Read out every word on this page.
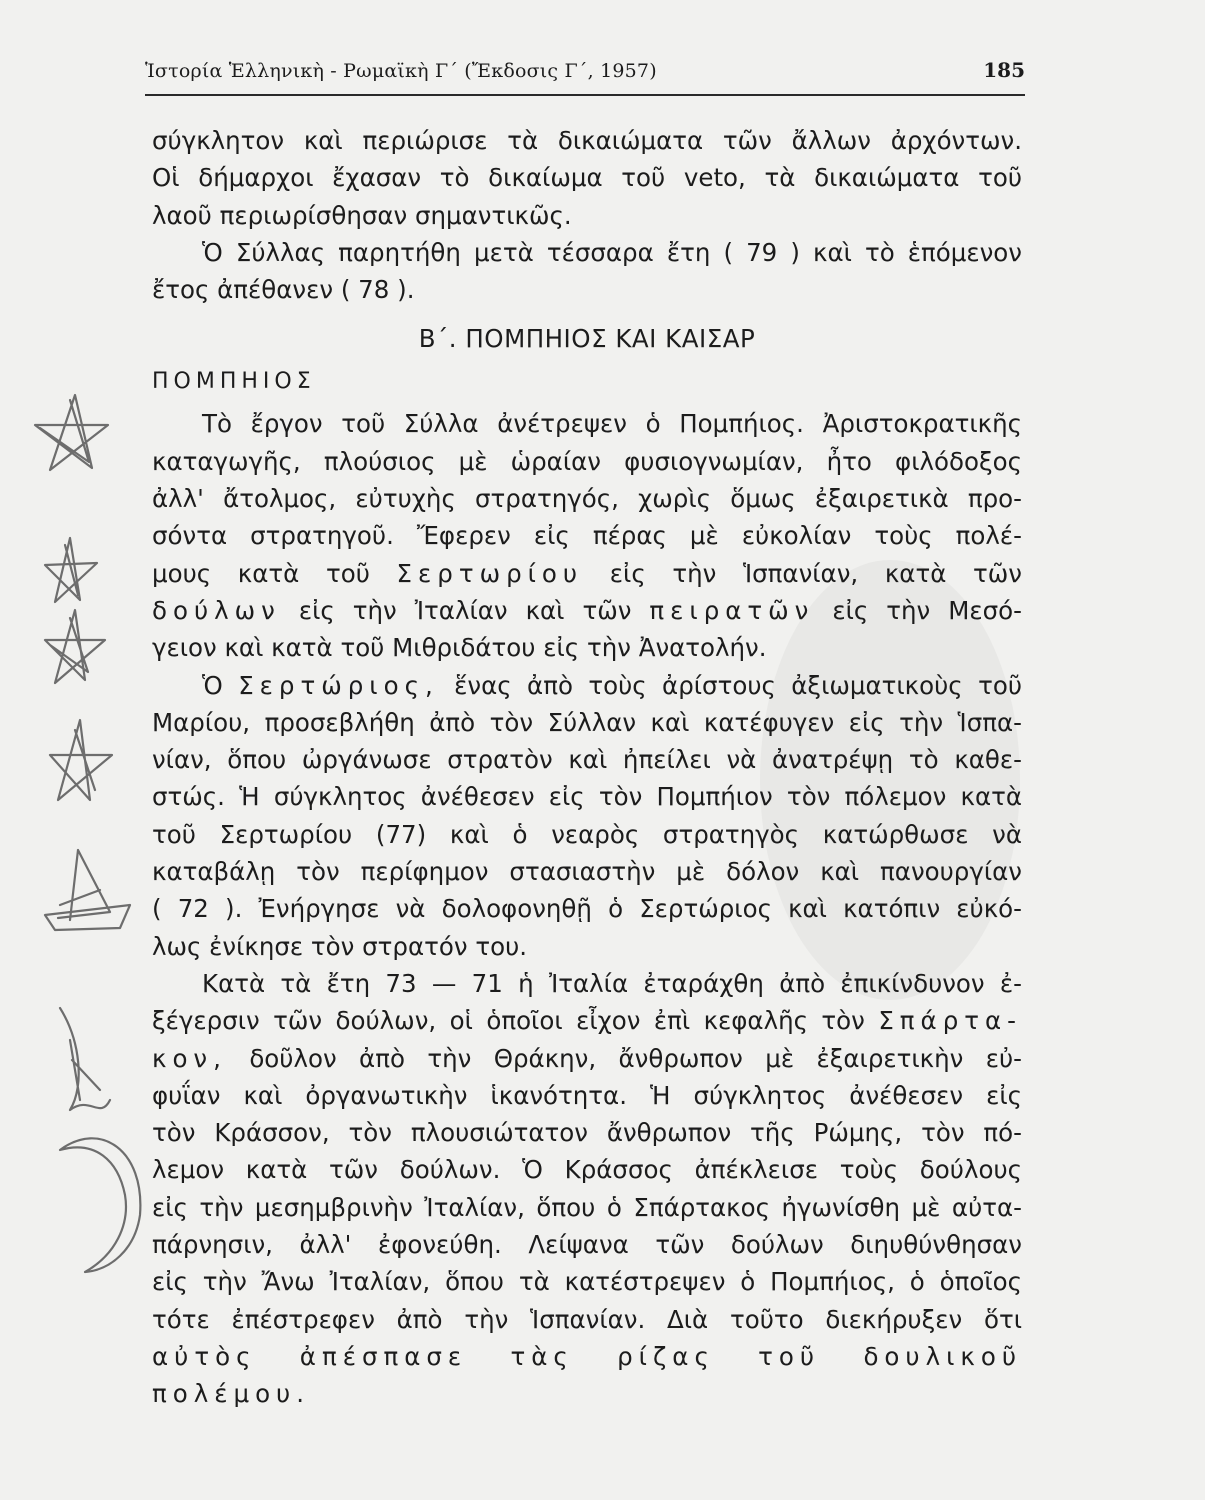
Ἱστορία Ἑλληνικὴ - Ρωμαϊκὴ Γ΄ (Ἔκδοσις Γ΄, 1957)	185
σύγκλητον καὶ περιώρισε τὰ δικαιώματα τῶν ἄλλων ἀρχόντων.
Οἱ δήμαρχοι ἔχασαν τὸ δικαίωμα τοῦ veto, τὰ δικαιώματα τοῦ
λαοῦ περιωρίσθησαν σημαντικῶς.
Ὁ Σύλλας παρητήθη μετὰ τέσσαρα ἔτη ( 79 ) καὶ τὸ ἑπόμενον
ἔτος ἀπέθανεν ( 78 ).
Β΄. ΠΟΜΠΗΙΟΣ ΚΑΙ ΚΑΙΣΑΡ
ΠΟΜΠΗΙΟΣ
Τὸ ἔργον τοῦ Σύλλα ἀνέτρεψεν ὁ Πομπήιος. Ἀριστοκρατικῆς
καταγωγῆς, πλούσιος μὲ ὡραίαν φυσιογνωμίαν, ἦτο φιλόδοξος
ἀλλ' ἄτολμος, εὐτυχὴς στρατηγός, χωρὶς ὅμως ἐξαιρετικὰ προ-
σόντα στρατηγοῦ. Ἔφερεν εἰς πέρας μὲ εὐκολίαν τοὺς πολέ-
μους κατὰ τοῦ Σερτωρίου εἰς τὴν Ἱσπανίαν, κατὰ τῶν
δούλων εἰς τὴν Ἰταλίαν καὶ τῶν πειρατῶν εἰς τὴν Μεσό-
γειον καὶ κατὰ τοῦ Μιθριδάτου εἰς τὴν Ἀνατολήν.
Ὁ Σερτώριος, ἕνας ἀπὸ τοὺς ἀρίστους ἀξιωματικοὺς τοῦ
Μαρίου, προσεβλήθη ἀπὸ τὸν Σύλλαν καὶ κατέφυγεν εἰς τὴν Ἱσπα-
νίαν, ὅπου ὠργάνωσε στρατὸν καὶ ἠπείλει νὰ ἀνατρέψῃ τὸ καθε-
στώς. Ἡ σύγκλητος ἀνέθεσεν εἰς τὸν Πομπήιον τὸν πόλεμον κατὰ
τοῦ Σερτωρίου (77) καὶ ὁ νεαρὸς στρατηγὸς κατώρθωσε νὰ
καταβάλῃ τὸν περίφημον στασιαστὴν μὲ δόλον καὶ πανουργίαν
( 72 ). Ἐνήργησε νὰ δολοφονηθῇ ὁ Σερτώριος καὶ κατόπιν εὐκό-
λως ἐνίκησε τὸν στρατόν του.
Κατὰ τὰ ἔτη 73 — 71 ἡ Ἰταλία ἐταράχθη ἀπὸ ἐπικίνδυνον ἐ-
ξέγερσιν τῶν δούλων, οἱ ὁποῖοι εἶχον ἐπὶ κεφαλῆς τὸν Σπάρτα-
κον, δοῦλον ἀπὸ τὴν Θράκην, ἄνθρωπον μὲ ἐξαιρετικὴν εὐ-
φυΐαν καὶ ὀργανωτικὴν ἱκανότητα. Ἡ σύγκλητος ἀνέθεσεν εἰς
τὸν Κράσσον, τὸν πλουσιώτατον ἄνθρωπον τῆς Ρώμης, τὸν πό-
λεμον κατὰ τῶν δούλων. Ὁ Κράσσος ἀπέκλεισε τοὺς δούλους
εἰς τὴν μεσημβρινὴν Ἰταλίαν, ὅπου ὁ Σπάρτακος ἠγωνίσθη μὲ αὐτα-
πάρνησιν, ἀλλ' ἐφονεύθη. Λείψανα τῶν δούλων διηυθύνθησαν
εἰς τὴν Ἄνω Ἰταλίαν, ὅπου τὰ κατέστρεψεν ὁ Πομπήιος, ὁ ὁποῖος
τότε ἐπέστρεφεν ἀπὸ τὴν Ἱσπανίαν. Διὰ τοῦτο διεκήρυξεν ὅτι
αὐτὸς ἀπέσπασε τὰς ρίζας τοῦ δουλικοῦ
πολέμου.
